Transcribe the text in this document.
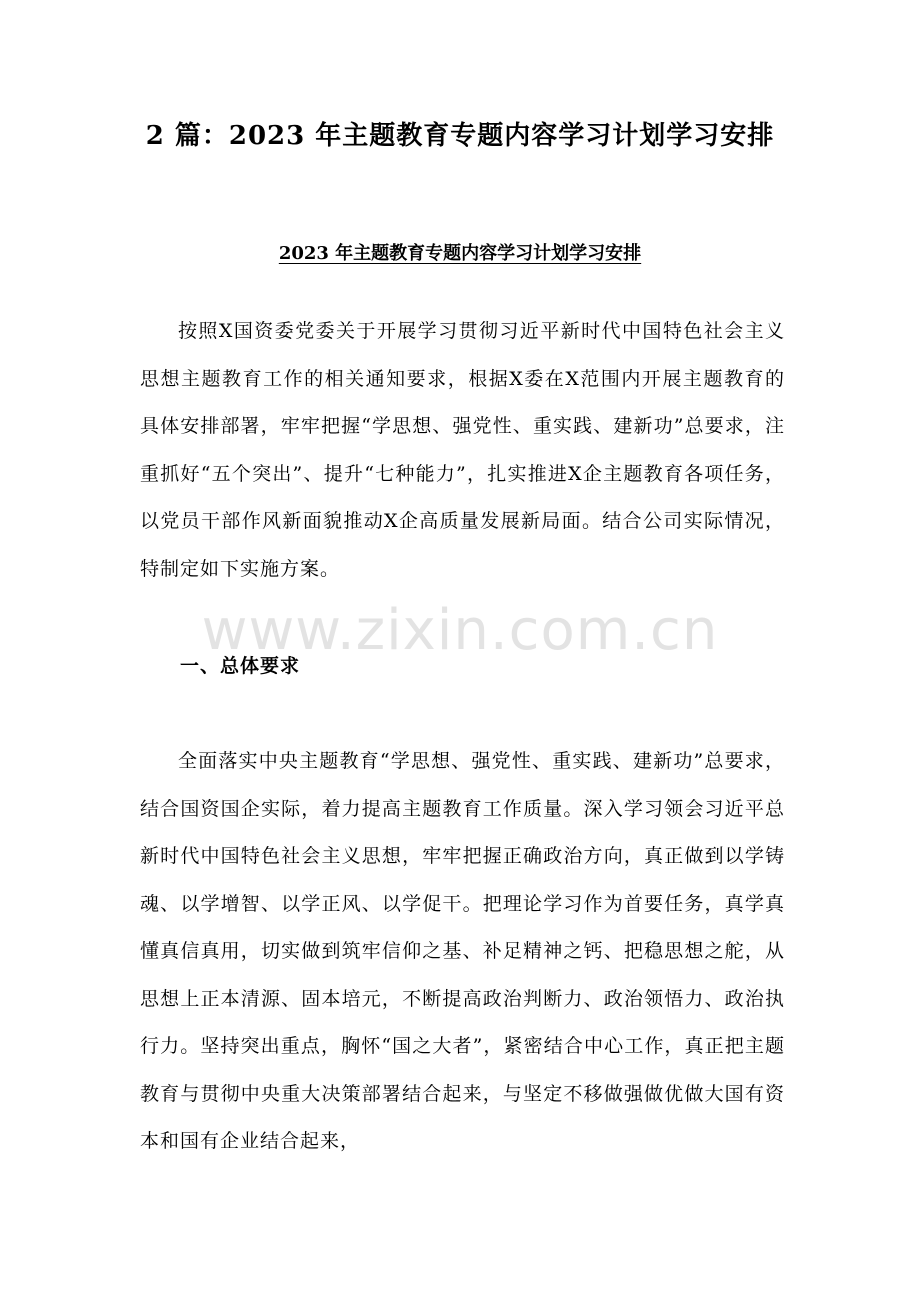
2 篇：2023 年主题教育专题内容学习计划学习安排
2023 年主题教育专题内容学习计划学习安排
按照X国资委党委关于开展学习贯彻习近平新时代中国特色社会主义思想主题教育工作的相关通知要求，根据X委在X范围内开展主题教育的具体安排部署，牢牢把握“学思想、强党性、重实践、建新功”总要求，注重抓好“五个突出”、提升“七种能力”，扎实推进X企主题教育各项任务，以党员干部作风新面貌推动X企高质量发展新局面。结合公司实际情况，特制定如下实施方案。
www.zixin.com.cn
一、总体要求
全面落实中央主题教育“学思想、强党性、重实践、建新功”总要求，结合国资国企实际，着力提高主题教育工作质量。深入学习领会习近平总新时代中国特色社会主义思想，牢牢把握正确政治方向，真正做到以学铸魂、以学增智、以学正风、以学促干。把理论学习作为首要任务，真学真懂真信真用，切实做到筑牢信仰之基、补足精神之钙、把稳思想之舵，从思想上正本清源、固本培元，不断提高政治判断力、政治领悟力、政治执行力。坚持突出重点，胸怀“国之大者”，紧密结合中心工作，真正把主题教育与贯彻中央重大决策部署结合起来，与坚定不移做强做优做大国有资本和国有企业结合起来，
